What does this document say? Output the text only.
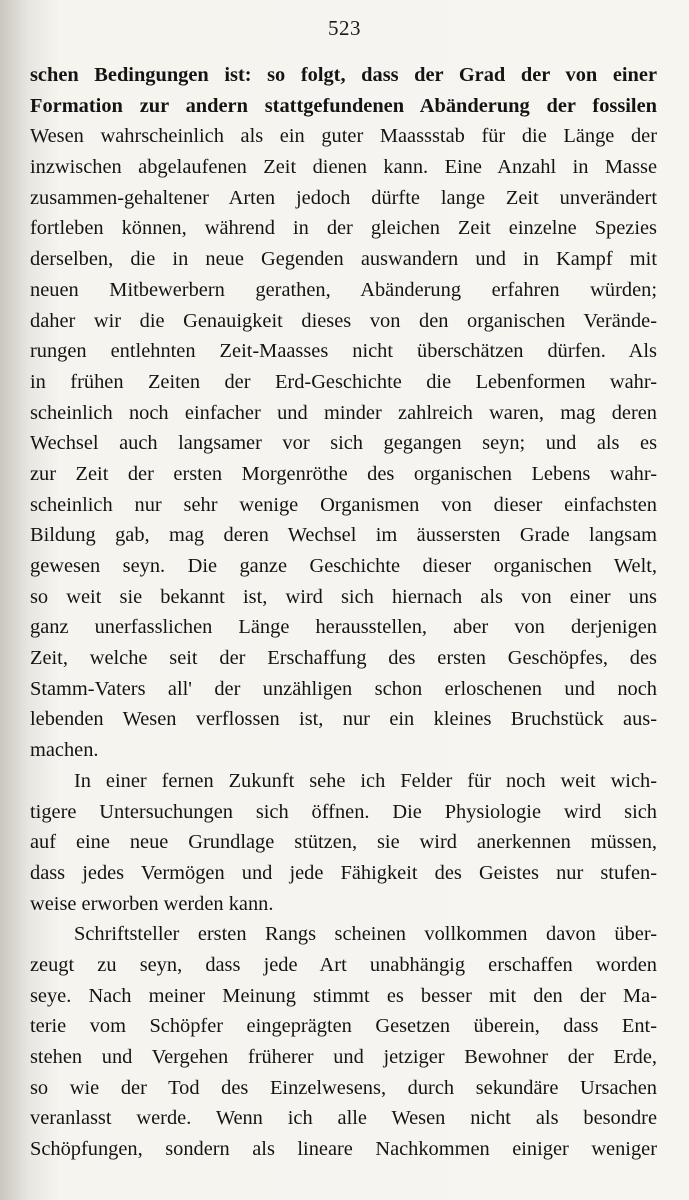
523
schen Bedingungen ist: so folgt, dass der Grad der von einer
Formation zur andern stattgefundenen Abänderung der fossilen
Wesen wahrscheinlich als ein guter Maassstab für die Länge der
inzwischen abgelaufenen Zeit dienen kann. Eine Anzahl in Masse
zusammen-gehaltener Arten jedoch dürfte lange Zeit unverändert
fortleben können, während in der gleichen Zeit einzelne Spezies
derselben, die in neue Gegenden auswandern und in Kampf mit
neuen Mitbewerbern gerathen, Abänderung erfahren würden;
daher wir die Genauigkeit dieses von den organischen Verände-
rungen entlehnten Zeit-Maasses nicht überschätzen dürfen. Als
in frühen Zeiten der Erd-Geschichte die Lebenformen wahr-
scheinlich noch einfacher und minder zahlreich waren, mag deren
Wechsel auch langsamer vor sich gegangen seyn; und als es
zur Zeit der ersten Morgenröthe des organischen Lebens wahr-
scheinlich nur sehr wenige Organismen von dieser einfachsten
Bildung gab, mag deren Wechsel im äussersten Grade langsam
gewesen seyn. Die ganze Geschichte dieser organischen Welt,
so weit sie bekannt ist, wird sich hiernach als von einer uns
ganz unerfasslichen Länge herausstellen, aber von derjenigen
Zeit, welche seit der Erschaffung des ersten Geschöpfes, des
Stamm-Vaters all' der unzähligen schon erloschenen und noch
lebenden Wesen verflossen ist, nur ein kleines Bruchstück aus-
machen.
In einer fernen Zukunft sehe ich Felder für noch weit wich-
tigere Untersuchungen sich öffnen. Die Physiologie wird sich
auf eine neue Grundlage stützen, sie wird anerkennen müssen,
dass jedes Vermögen und jede Fähigkeit des Geistes nur stufen-
weise erworben werden kann.
Schriftsteller ersten Rangs scheinen vollkommen davon über-
zeugt zu seyn, dass jede Art unabhängig erschaffen worden
seye. Nach meiner Meinung stimmt es besser mit den der Ma-
terie vom Schöpfer eingeprägten Gesetzen überein, dass Ent-
stehen und Vergehen früherer und jetziger Bewohner der Erde,
so wie der Tod des Einzelwesens, durch sekundäre Ursachen
veranlasst werde. Wenn ich alle Wesen nicht als besondre
Schöpfungen, sondern als lineare Nachkommen einiger weniger
